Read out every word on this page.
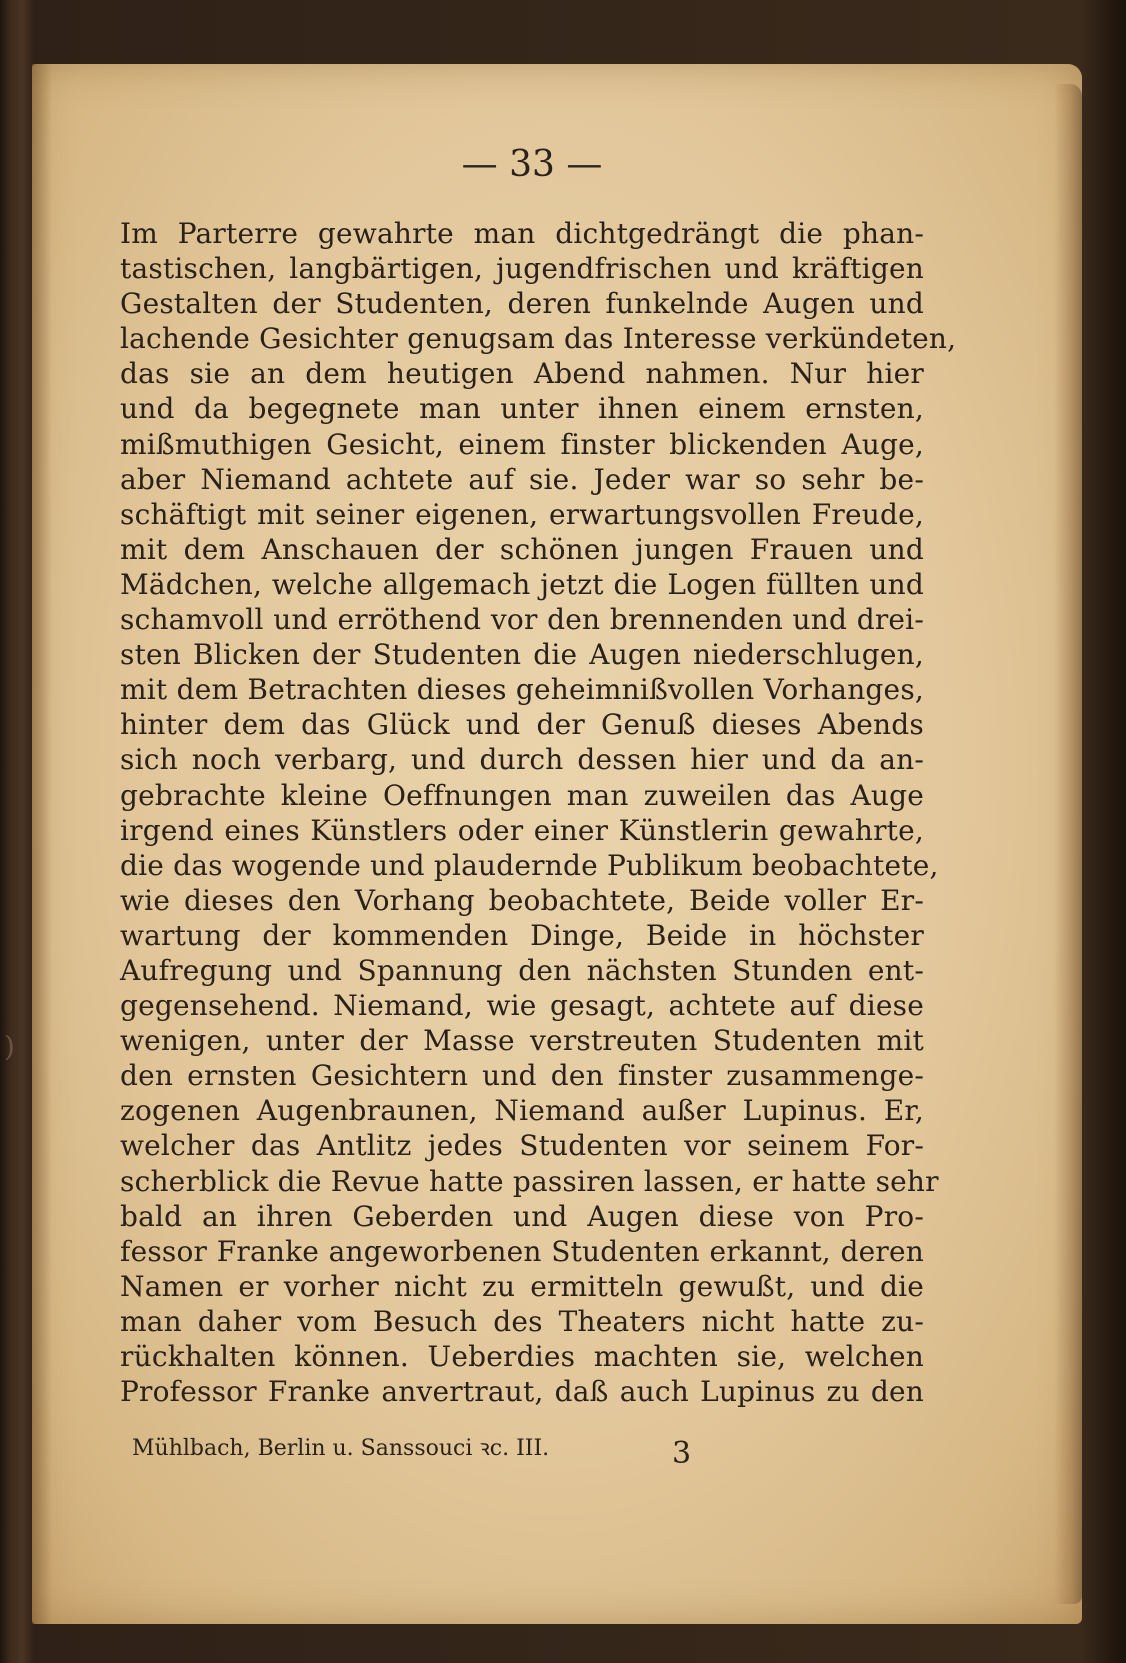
— 33 —
Im Parterre gewahrte man dichtgedrängt die phan-
tastischen, langbärtigen, jugendfrischen und kräftigen
Gestalten der Studenten, deren funkelnde Augen und
lachende Gesichter genugsam das Interesse verkündeten,
das sie an dem heutigen Abend nahmen. Nur hier
und da begegnete man unter ihnen einem ernsten,
mißmuthigen Gesicht, einem finster blickenden Auge,
aber Niemand achtete auf sie. Jeder war so sehr be-
schäftigt mit seiner eigenen, erwartungsvollen Freude,
mit dem Anschauen der schönen jungen Frauen und
Mädchen, welche allgemach jetzt die Logen füllten und
schamvoll und erröthend vor den brennenden und drei-
sten Blicken der Studenten die Augen niederschlugen,
mit dem Betrachten dieses geheimnißvollen Vorhanges,
hinter dem das Glück und der Genuß dieses Abends
sich noch verbarg, und durch dessen hier und da an-
gebrachte kleine Oeffnungen man zuweilen das Auge
irgend eines Künstlers oder einer Künstlerin gewahrte,
die das wogende und plaudernde Publikum beobachtete,
wie dieses den Vorhang beobachtete, Beide voller Er-
wartung der kommenden Dinge, Beide in höchster
Aufregung und Spannung den nächsten Stunden ent-
gegensehend. Niemand, wie gesagt, achtete auf diese
wenigen, unter der Masse verstreuten Studenten mit
den ernsten Gesichtern und den finster zusammenge-
zogenen Augenbraunen, Niemand außer Lupinus. Er,
welcher das Antlitz jedes Studenten vor seinem For-
scherblick die Revue hatte passiren lassen, er hatte sehr
bald an ihren Geberden und Augen diese von Pro-
fessor Franke angeworbenen Studenten erkannt, deren
Namen er vorher nicht zu ermitteln gewußt, und die
man daher vom Besuch des Theaters nicht hatte zu-
rückhalten können. Ueberdies machten sie, welchen
Professor Franke anvertraut, daß auch Lupinus zu den
Mühlbach, Berlin u. Sanssouci ꝛc. III.	3
)
